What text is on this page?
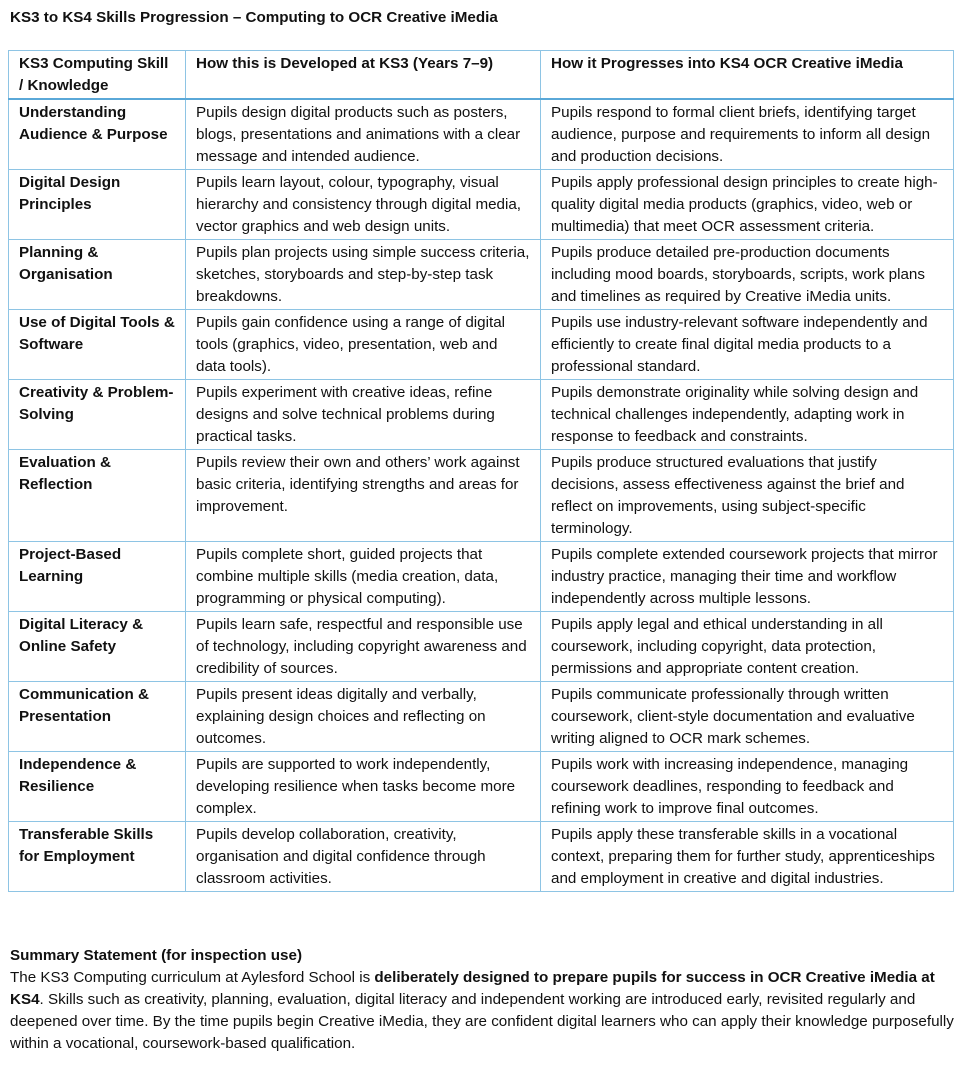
KS3 to KS4 Skills Progression – Computing to OCR Creative iMedia
KS3 Computing Skill / Knowledge	How this is Developed at KS3 (Years 7–9)	How it Progresses into KS4 OCR Creative iMedia
Understanding Audience & Purpose	Pupils design digital products such as posters, blogs, presentations and animations with a clear message and intended audience.	Pupils respond to formal client briefs, identifying target audience, purpose and requirements to inform all design and production decisions.
Digital Design Principles	Pupils learn layout, colour, typography, visual hierarchy and consistency through digital media, vector graphics and web design units.	Pupils apply professional design principles to create high-quality digital media products (graphics, video, web or multimedia) that meet OCR assessment criteria.
Planning & Organisation	Pupils plan projects using simple success criteria, sketches, storyboards and step-by-step task breakdowns.	Pupils produce detailed pre-production documents including mood boards, storyboards, scripts, work plans and timelines as required by Creative iMedia units.
Use of Digital Tools & Software	Pupils gain confidence using a range of digital tools (graphics, video, presentation, web and data tools).	Pupils use industry-relevant software independently and efficiently to create final digital media products to a professional standard.
Creativity & Problem-Solving	Pupils experiment with creative ideas, refine designs and solve technical problems during practical tasks.	Pupils demonstrate originality while solving design and technical challenges independently, adapting work in response to feedback and constraints.
Evaluation & Reflection	Pupils review their own and others’ work against basic criteria, identifying strengths and areas for improvement.	Pupils produce structured evaluations that justify decisions, assess effectiveness against the brief and reflect on improvements, using subject-specific terminology.
Project-Based Learning	Pupils complete short, guided projects that combine multiple skills (media creation, data, programming or physical computing).	Pupils complete extended coursework projects that mirror industry practice, managing their time and workflow independently across multiple lessons.
Digital Literacy & Online Safety	Pupils learn safe, respectful and responsible use of technology, including copyright awareness and credibility of sources.	Pupils apply legal and ethical understanding in all coursework, including copyright, data protection, permissions and appropriate content creation.
Communication & Presentation	Pupils present ideas digitally and verbally, explaining design choices and reflecting on outcomes.	Pupils communicate professionally through written coursework, client-style documentation and evaluative writing aligned to OCR mark schemes.
Independence & Resilience	Pupils are supported to work independently, developing resilience when tasks become more complex.	Pupils work with increasing independence, managing coursework deadlines, responding to feedback and refining work to improve final outcomes.
Transferable Skills for Employment	Pupils develop collaboration, creativity, organisation and digital confidence through classroom activities.	Pupils apply these transferable skills in a vocational context, preparing them for further study, apprenticeships and employment in creative and digital industries.
Summary Statement (for inspection use)
The KS3 Computing curriculum at Aylesford School is deliberately designed to prepare pupils for success in OCR Creative iMedia at KS4. Skills such as creativity, planning, evaluation, digital literacy and independent working are introduced early, revisited regularly and deepened over time. By the time pupils begin Creative iMedia, they are confident digital learners who can apply their knowledge purposefully within a vocational, coursework-based qualification.
